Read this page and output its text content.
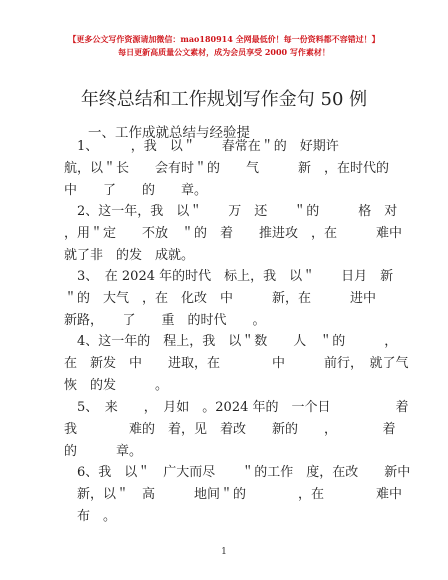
【更多公文写作资源请加微信：mao180914 全网最低价！每一份资料都不容错过！】
每日更新高质量公文素材，成为会员享受 2000 写作素材！
年终总结和工作规划写作金句 50 例
一、工作成就总结与经验提
　1、　　　，我　以＂　　春常在＂的　好期许
航，以＂长　　会有时＂的　　气　　　新　，在时代的
中　　了　　的　　章。
　2、这一年，我　以＂　　万　还　　＂的　　　格　对
，用＂定　　不放　＂的　着　　推进攻　，在　　　难中
就了非　的发　成就。
　3、　在 2024 年的时代　标上，我　以＂　　日月　新
＂的　大气　，在　化改　中　　　新，在　　　进中
新路，　　了　　重　的时代　　。
　4、这一年的　程上，我　以＂数　　人　＂的　　　，
在　新发　中　　进取，在　　　　中　　　前行，　就了气
恢　的发　　　。
　5、　来　　，　月如　。2024 年的　一个日　　　　　着
我　　　　难的　着，见　着改　　新的　　，　　　　着
的　　　章。
　6、我　以＂　广大而尽　　＂的工作　度，在改　　新中
　新，以＂　高　　　地间＂的　　　　，在　　　　难中
　布　。
1
